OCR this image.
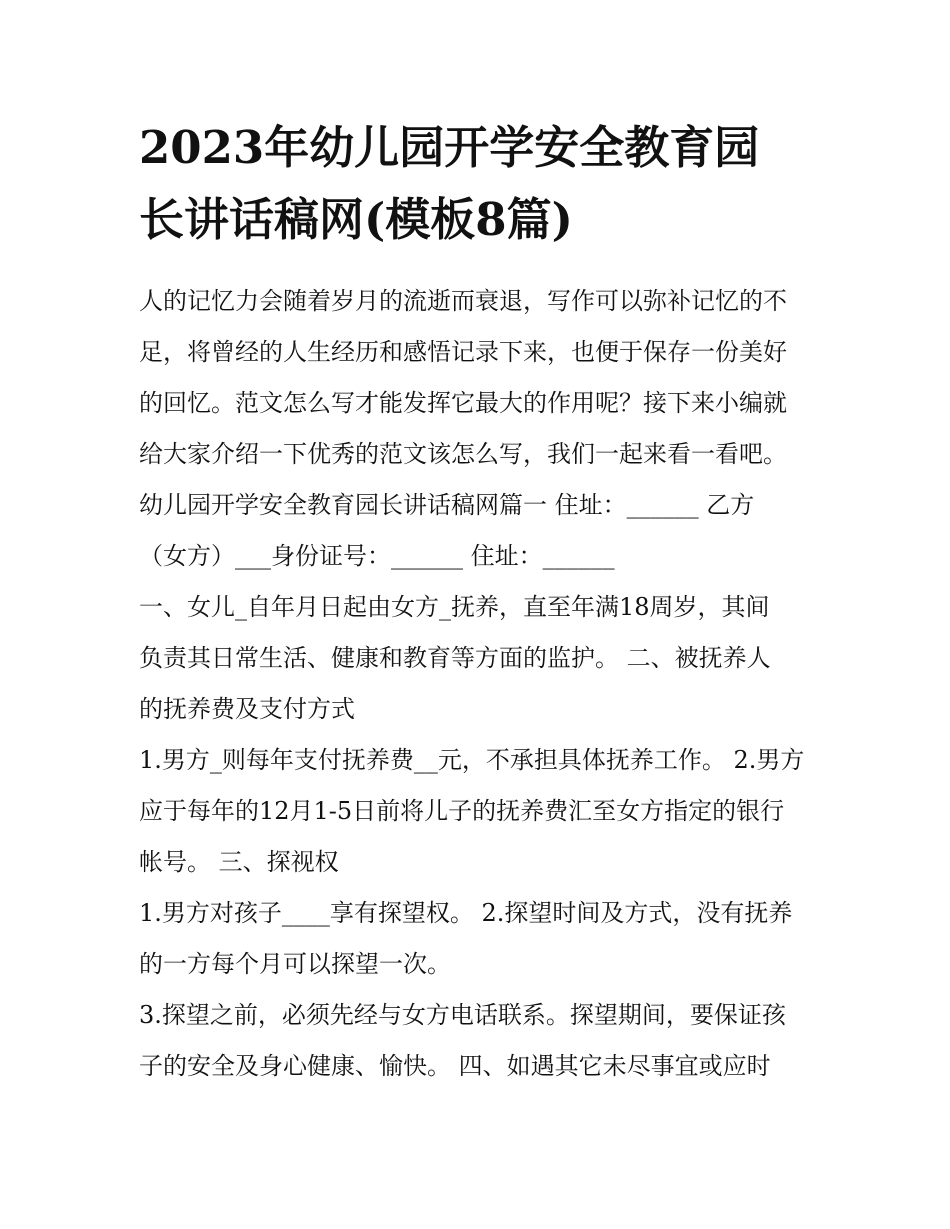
2023年幼儿园开学安全教育园
长讲话稿网(模板8篇)
人的记忆力会随着岁月的流逝而衰退，写作可以弥补记忆的不
足，将曾经的人生经历和感悟记录下来，也便于保存一份美好
的回忆。范文怎么写才能发挥它最大的作用呢？接下来小编就
给大家介绍一下优秀的范文该怎么写，我们一起来看一看吧。
幼儿园开学安全教育园长讲话稿网篇一 住址：______ 乙方
（女方）___身份证号：______ 住址：______
一、女儿_自年月日起由女方_抚养，直至年满18周岁，其间
负责其日常生活、健康和教育等方面的监护。 二、被抚养人
的抚养费及支付方式
1.男方_则每年支付抚养费__元，不承担具体抚养工作。 2.男方
应于每年的12月1-5日前将儿子的抚养费汇至女方指定的银行
帐号。 三、探视权
1.男方对孩子____享有探望权。 2.探望时间及方式，没有抚养
的一方每个月可以探望一次。
3.探望之前，必须先经与女方电话联系。探望期间，要保证孩
子的安全及身心健康、愉快。 四、如遇其它未尽事宜或应时
